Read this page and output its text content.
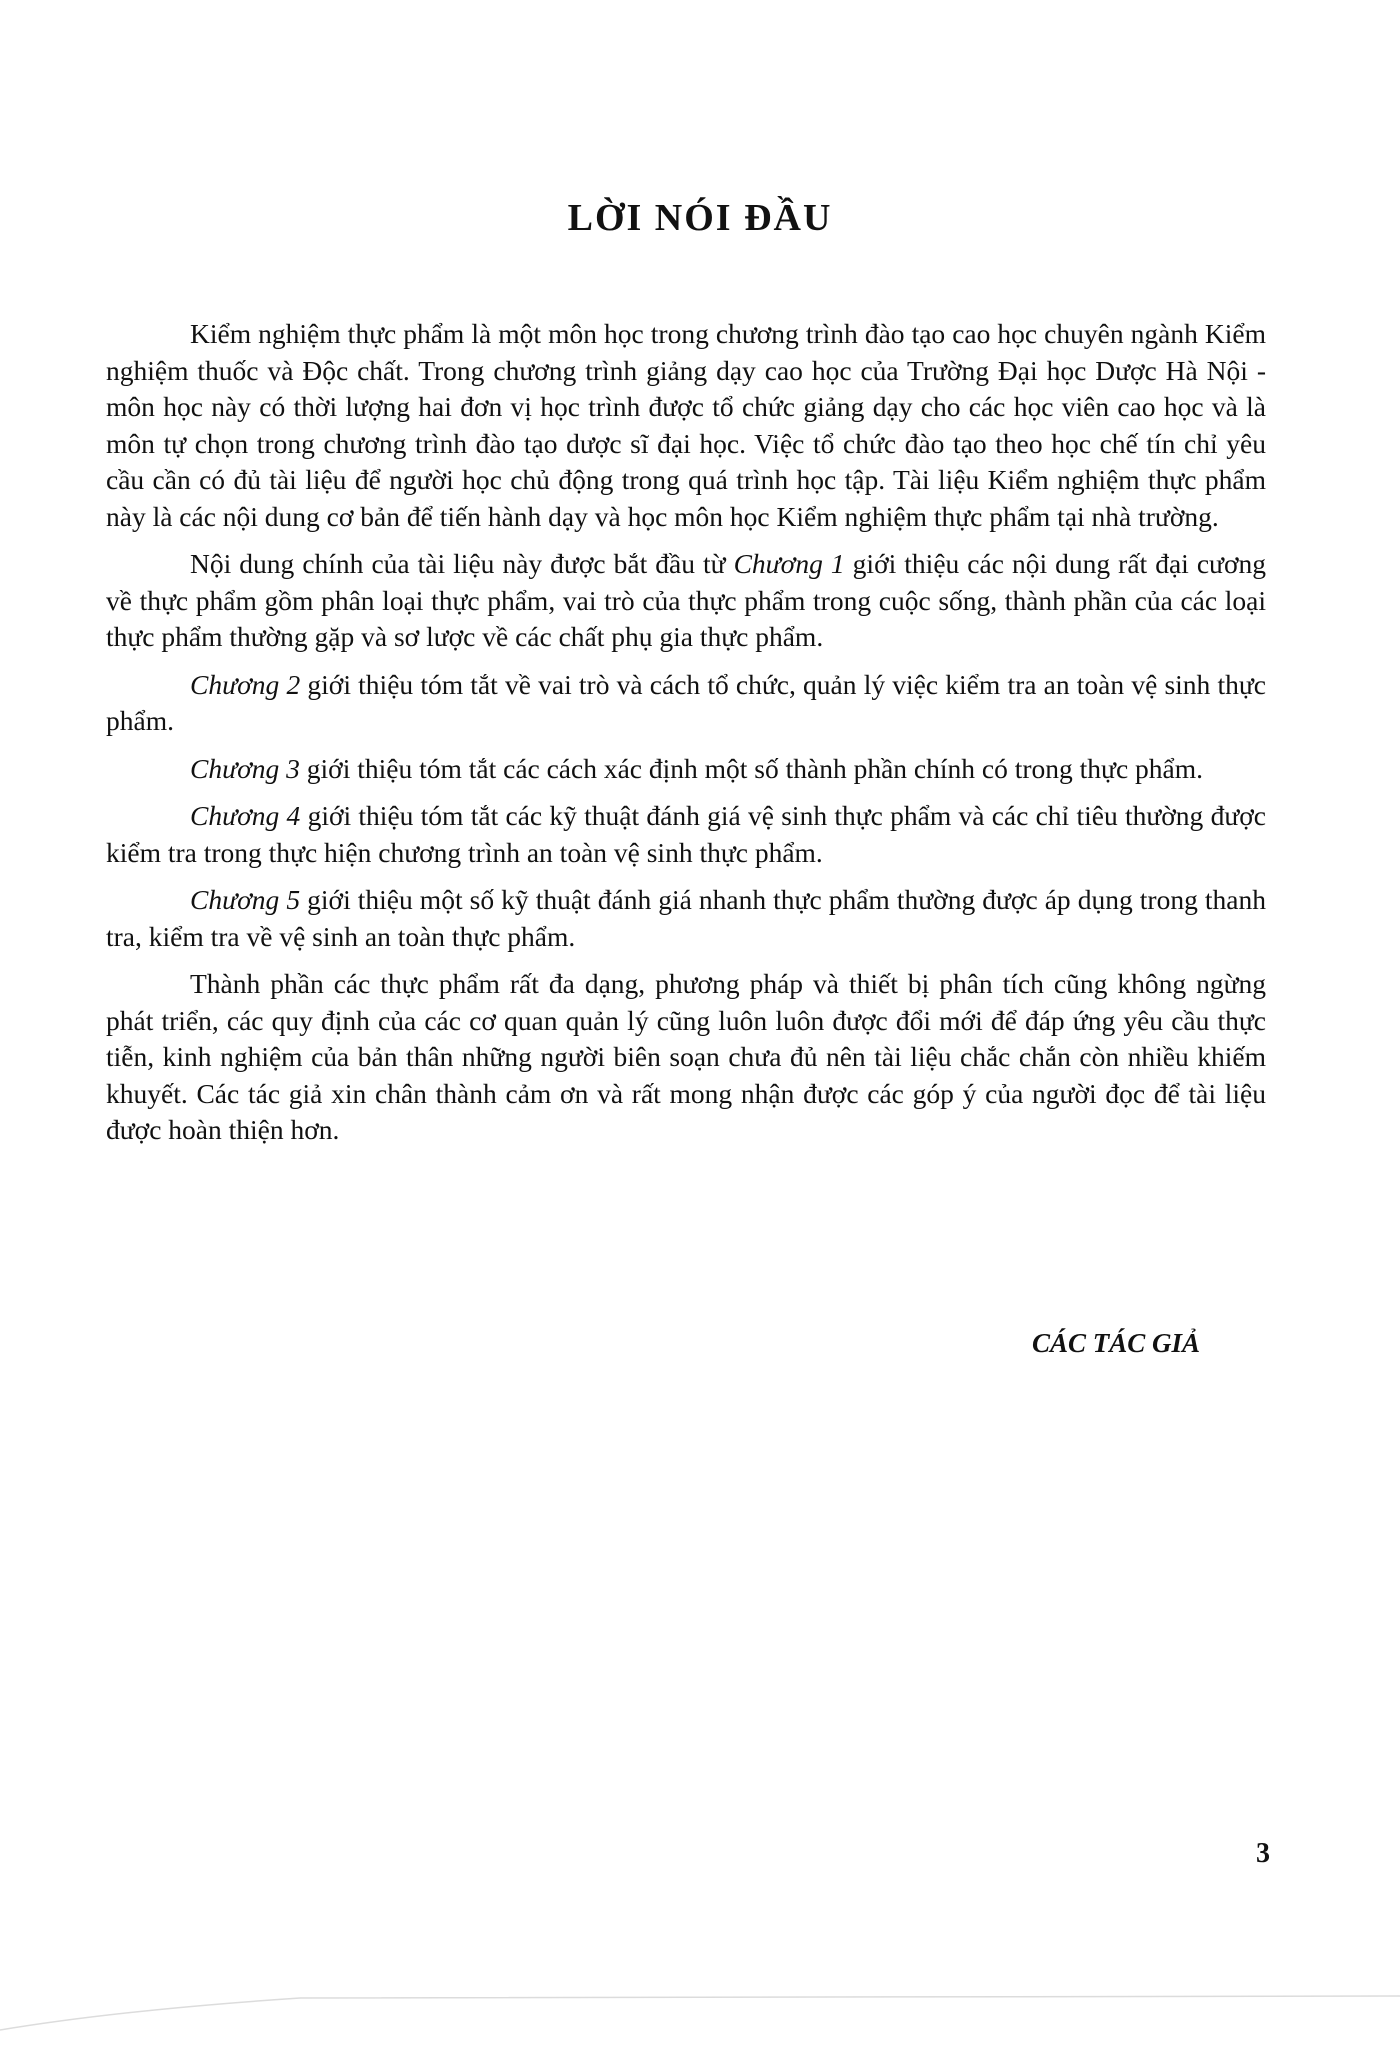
LỜI NÓI ĐẦU

Kiểm nghiệm thực phẩm là một môn học trong chương trình đào tạo cao học chuyên ngành Kiểm nghiệm thuốc và Độc chất. Trong chương trình giảng dạy cao học của Trường Đại học Dược Hà Nội - môn học này có thời lượng hai đơn vị học trình được tổ chức giảng dạy cho các học viên cao học và là môn tự chọn trong chương trình đào tạo dược sĩ đại học. Việc tổ chức đào tạo theo học chế tín chỉ yêu cầu cần có đủ tài liệu để người học chủ động trong quá trình học tập. Tài liệu Kiểm nghiệm thực phẩm này là các nội dung cơ bản để tiến hành dạy và học môn học Kiểm nghiệm thực phẩm tại nhà trường.

Nội dung chính của tài liệu này được bắt đầu từ Chương 1 giới thiệu các nội dung rất đại cương về thực phẩm gồm phân loại thực phẩm, vai trò của thực phẩm trong cuộc sống, thành phần của các loại thực phẩm thường gặp và sơ lược về các chất phụ gia thực phẩm.

Chương 2 giới thiệu tóm tắt về vai trò và cách tổ chức, quản lý việc kiểm tra an toàn vệ sinh thực phẩm.

Chương 3 giới thiệu tóm tắt các cách xác định một số thành phần chính có trong thực phẩm.

Chương 4 giới thiệu tóm tắt các kỹ thuật đánh giá vệ sinh thực phẩm và các chỉ tiêu thường được kiểm tra trong thực hiện chương trình an toàn vệ sinh thực phẩm.

Chương 5 giới thiệu một số kỹ thuật đánh giá nhanh thực phẩm thường được áp dụng trong thanh tra, kiểm tra về vệ sinh an toàn thực phẩm.

Thành phần các thực phẩm rất đa dạng, phương pháp và thiết bị phân tích cũng không ngừng phát triển, các quy định của các cơ quan quản lý cũng luôn luôn được đổi mới để đáp ứng yêu cầu thực tiễn, kinh nghiệm của bản thân những người biên soạn chưa đủ nên tài liệu chắc chắn còn nhiều khiếm khuyết. Các tác giả xin chân thành cảm ơn và rất mong nhận được các góp ý của người đọc để tài liệu được hoàn thiện hơn.

CÁC TÁC GIẢ

3
